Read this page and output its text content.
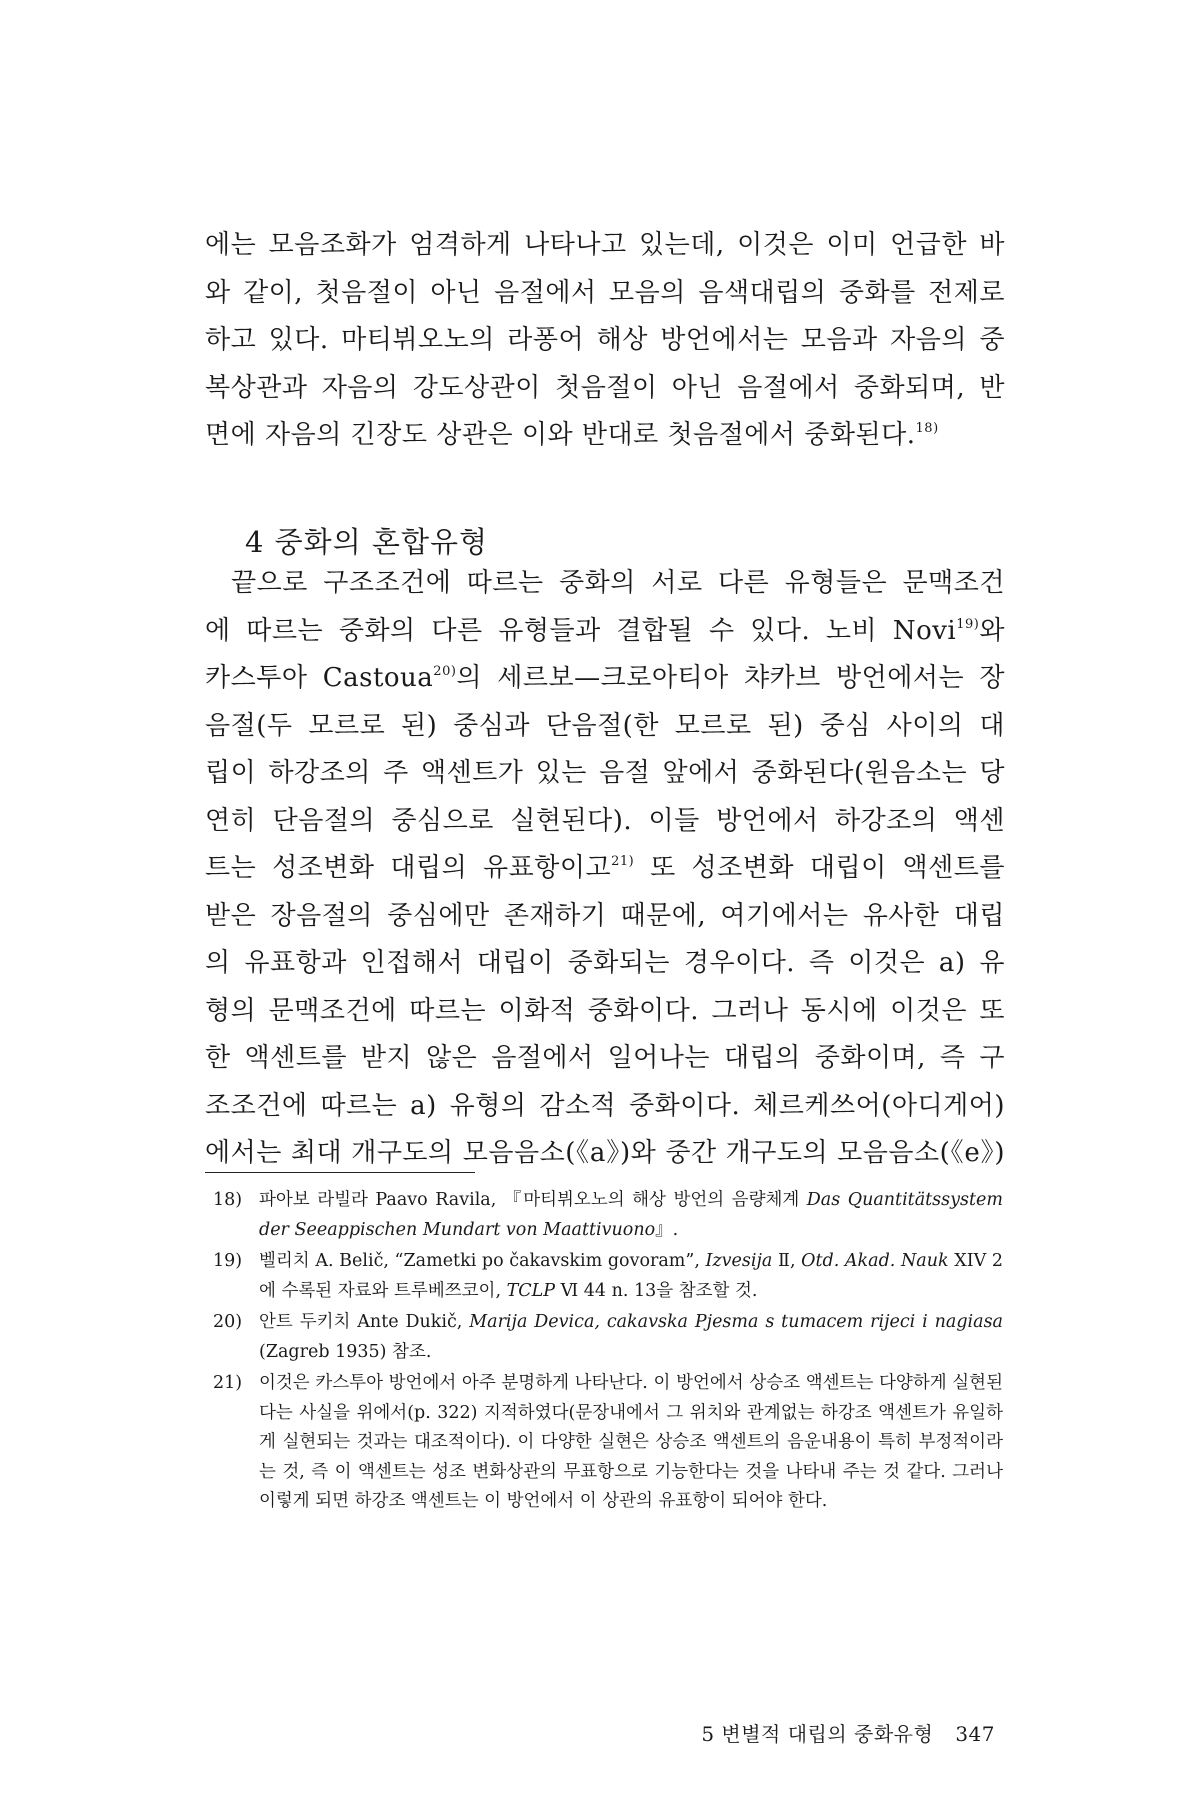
에는 모음조화가 엄격하게 나타나고 있는데, 이것은 이미 언급한 바
와 같이, 첫음절이 아닌 음절에서 모음의 음색대립의 중화를 전제로
하고 있다. 마티뷔오노의 라퐁어 해상 방언에서는 모음과 자음의 중
복상관과 자음의 강도상관이 첫음절이 아닌 음절에서 중화되며, 반
면에 자음의 긴장도 상관은 이와 반대로 첫음절에서 중화된다.$^{18)}$

4 중화의 혼합유형

끝으로 구조조건에 따르는 중화의 서로 다른 유형들은 문맥조건
에 따르는 중화의 다른 유형들과 결합될 수 있다. 노비 Novi$^{19)}$와
카스투아 Castoua$^{20)}$의 세르보—크로아티아 챠카브 방언에서는 장
음절(두 모르로 된) 중심과 단음절(한 모르로 된) 중심 사이의 대
립이 하강조의 주 액센트가 있는 음절 앞에서 중화된다(원음소는 당
연히 단음절의 중심으로 실현된다). 이들 방언에서 하강조의 액센
트는 성조변화 대립의 유표항이고$^{21)}$ 또 성조변화 대립이 액센트를
받은 장음절의 중심에만 존재하기 때문에, 여기에서는 유사한 대립
의 유표항과 인접해서 대립이 중화되는 경우이다. 즉 이것은 a) 유
형의 문맥조건에 따르는 이화적 중화이다. 그러나 동시에 이것은 또
한 액센트를 받지 않은 음절에서 일어나는 대립의 중화이며, 즉 구
조조건에 따르는 a) 유형의 감소적 중화이다. 체르케쓰어(아디게어)
에서는 최대 개구도의 모음음소(《a》)와 중간 개구도의 모음음소(《e》)

18) 파아보 라빌라 Paavo Ravila, 『마티뷔오노의 해상 방언의 음량체계 Das Quantitätssystem der Seeappischen Mundart von Maattivuono』.

19) 벨리치 A. Belič, “Zametki po čakavskim govoram”, Izvesija Ⅱ, Otd. Akad. Nauk XIV 2에 수록된 자료와 트루베쯔코이, TCLP Ⅵ 44 n. 13을 참조할 것.

20) 안트 두키치 Ante Dukič, Marija Devica, cakavska Pjesma s tumacem rijeci i nagiasa (Zagreb 1935) 참조.

21) 이것은 카스투아 방언에서 아주 분명하게 나타난다. 이 방언에서 상승조 액센트는 다양하게 실현된다는 사실을 위에서(p. 322) 지적하였다(문장내에서 그 위치와 관계없는 하강조 액센트가 유일하게 실현되는 것과는 대조적이다). 이 다양한 실현은 상승조 액센트의 음운내용이 특히 부정적이라는 것, 즉 이 액센트는 성조 변화상관의 무표항으로 기능한다는 것을 나타내 주는 것 같다. 그러나 이렇게 되면 하강조 액센트는 이 방언에서 이 상관의 유표항이 되어야 한다.

5 변별적 대립의 중화유형 347
